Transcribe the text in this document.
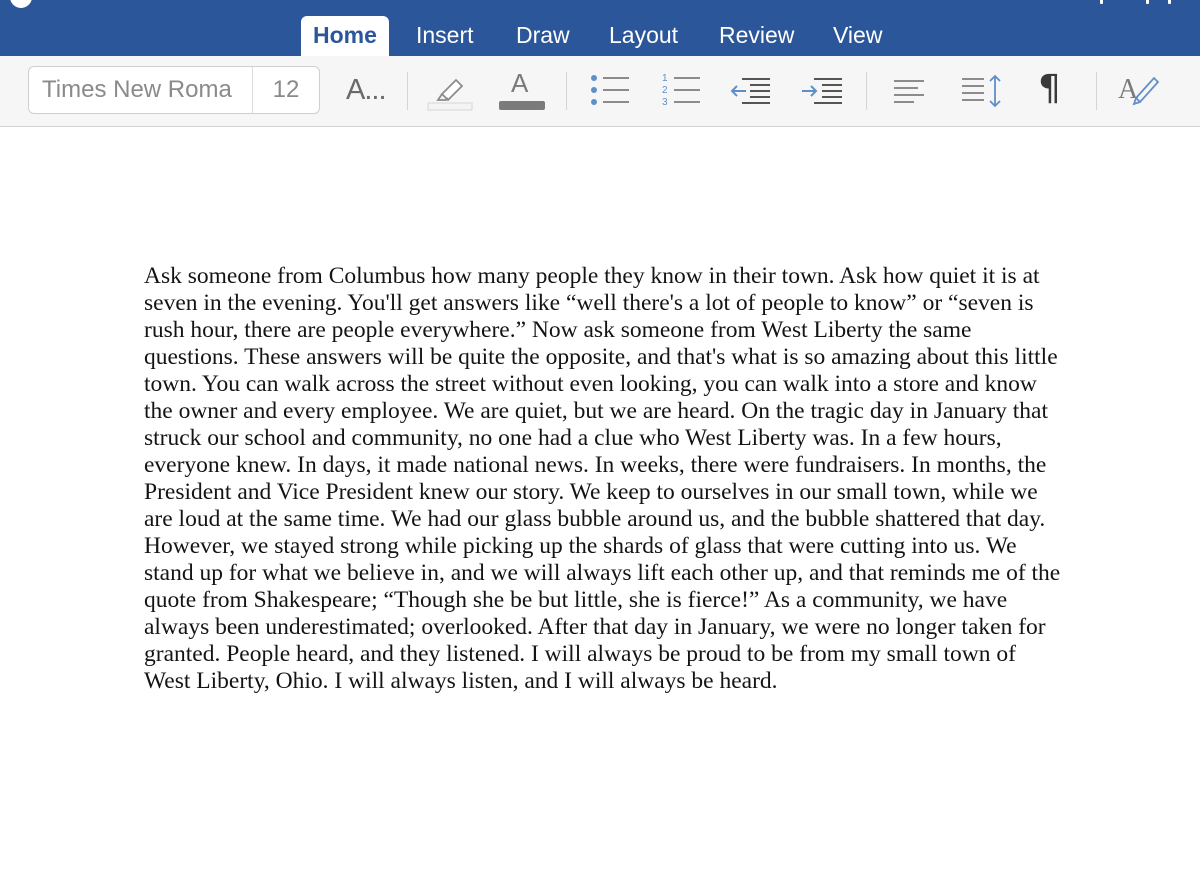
Home	Insert Draw Layout Review View
Times New Roma	12	A...	A	1
2
3	¶ A
Ask someone from Columbus how many people they know in their town. Ask how quiet it is at
seven in the evening. You'll get answers like “well there's a lot of people to know” or “seven is
rush hour, there are people everywhere.” Now ask someone from West Liberty the same
questions. These answers will be quite the opposite, and that's what is so amazing about this little
town. You can walk across the street without even looking, you can walk into a store and know
the owner and every employee. We are quiet, but we are heard. On the tragic day in January that
struck our school and community, no one had a clue who West Liberty was. In a few hours,
everyone knew. In days, it made national news. In weeks, there were fundraisers. In months, the
President and Vice President knew our story. We keep to ourselves in our small town, while we
are loud at the same time. We had our glass bubble around us, and the bubble shattered that day.
However, we stayed strong while picking up the shards of glass that were cutting into us. We
stand up for what we believe in, and we will always lift each other up, and that reminds me of the
quote from Shakespeare; “Though she be but little, she is fierce!” As a community, we have
always been underestimated; overlooked. After that day in January, we were no longer taken for
granted. People heard, and they listened. I will always be proud to be from my small town of
West Liberty, Ohio. I will always listen, and I will always be heard.
